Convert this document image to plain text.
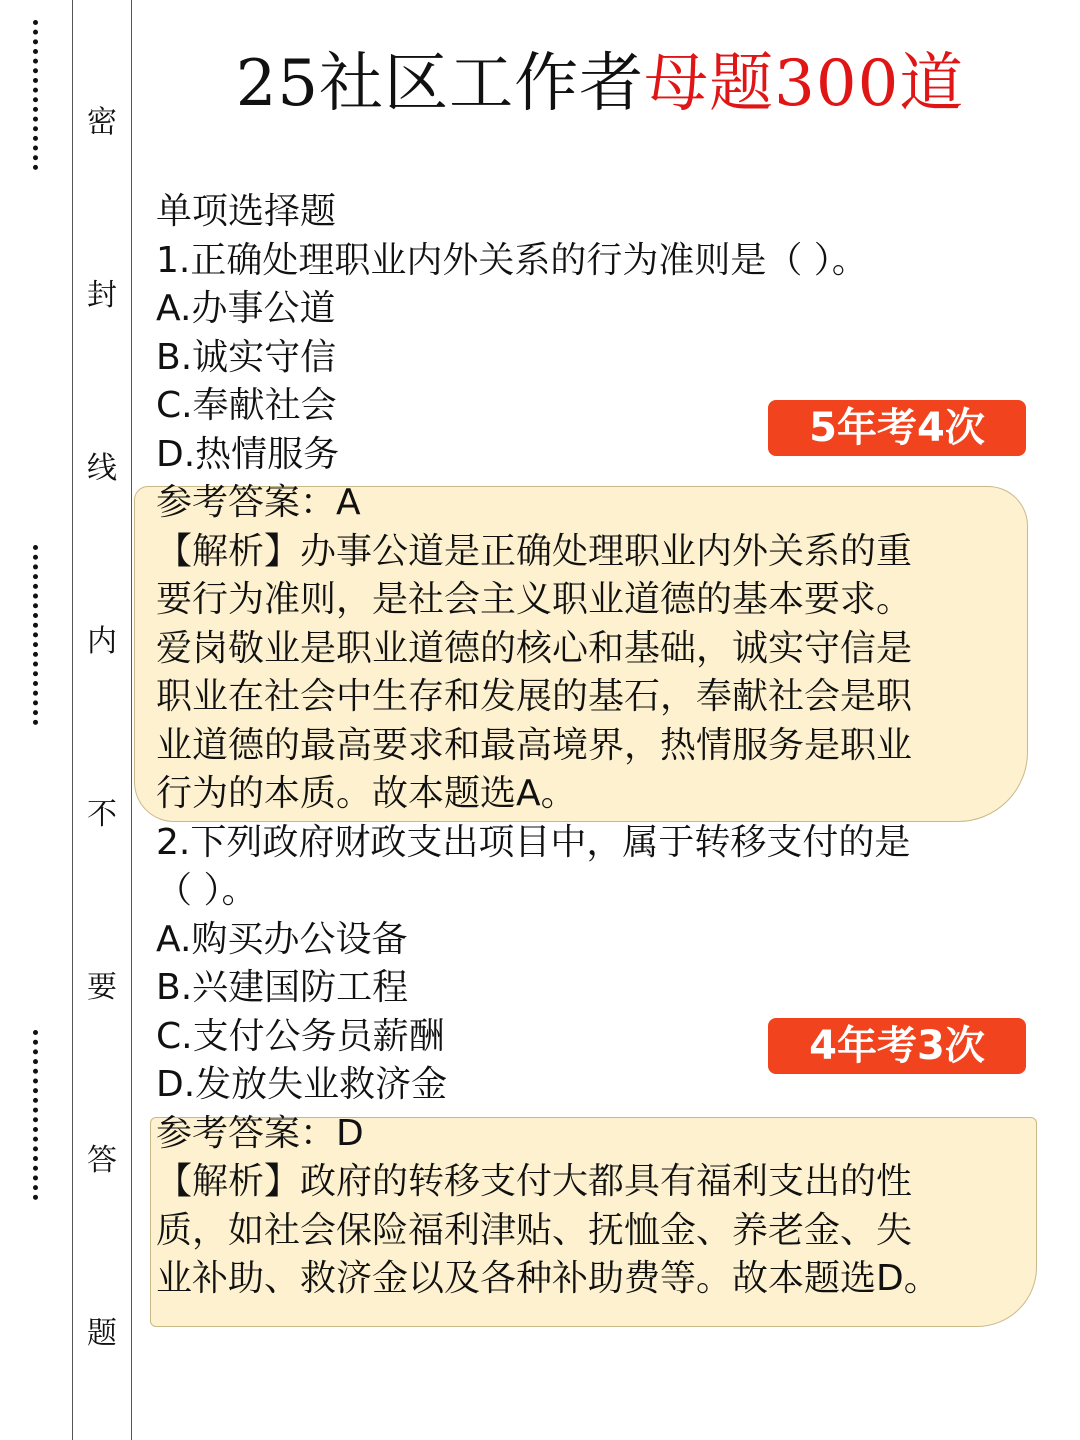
密
封
线
内
不
要
答
题
25社区工作者母题300道
5年考4次
4年考3次
单项选择题
1.正确处理职业内外关系的行为准则是（ ）。
A.办事公道
B.诚实守信
C.奉献社会
D.热情服务
参考答案：A
【解析】办事公道是正确处理职业内外关系的重
要行为准则，是社会主义职业道德的基本要求。
爱岗敬业是职业道德的核心和基础，诚实守信是
职业在社会中生存和发展的基石，奉献社会是职
业道德的最高要求和最高境界，热情服务是职业
行为的本质。故本题选A。
2.下列政府财政支出项目中，属于转移支付的是
（ ）。
A.购买办公设备
B.兴建国防工程
C.支付公务员薪酬
D.发放失业救济金
参考答案：D
【解析】政府的转移支付大都具有福利支出的性
质，如社会保险福利津贴、抚恤金、养老金、失
业补助、救济金以及各种补助费等。故本题选D。
